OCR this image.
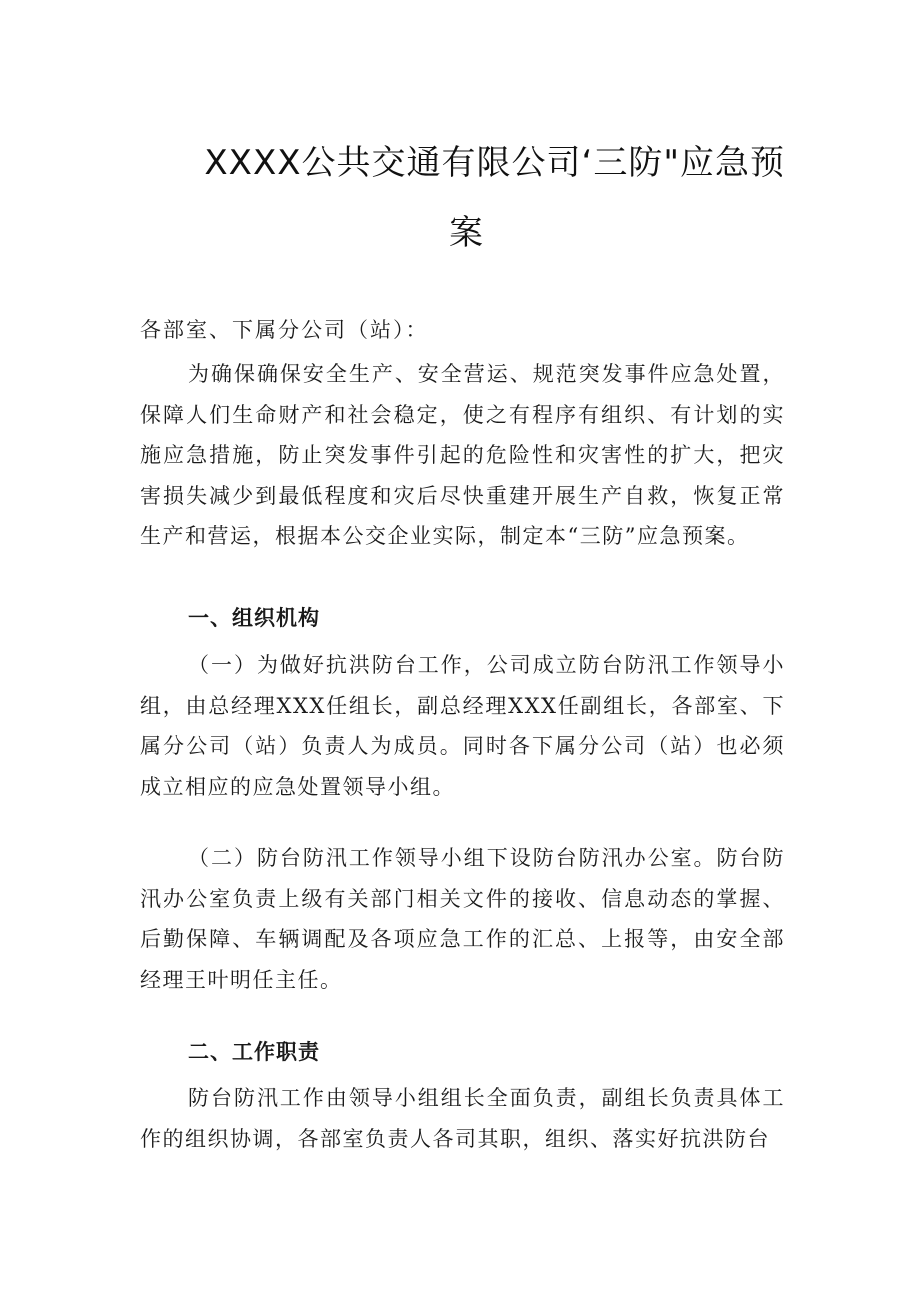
XXXX公共交通有限公司‘三防"应急预
案
各部室、下属分公司（站）：

为确保确保安全生产、安全营运、规范突发事件应急处置，保障人们生命财产和社会稳定，使之有程序有组织、有计划的实施应急措施，防止突发事件引起的危险性和灾害性的扩大，把灾害损失减少到最低程度和灾后尽快重建开展生产自救，恢复正常生产和营运，根据本公交企业实际，制定本“三防”应急预案。

一、组织机构

（一）为做好抗洪防台工作，公司成立防台防汛工作领导小组，由总经理XXX任组长，副总经理XXX任副组长，各部室、下属分公司（站）负责人为成员。同时各下属分公司（站）也必须成立相应的应急处置领导小组。

（二）防台防汛工作领导小组下设防台防汛办公室。防台防汛办公室负责上级有关部门相关文件的接收、信息动态的掌握、后勤保障、车辆调配及各项应急工作的汇总、上报等，由安全部经理王叶明任主任。

二、工作职责

防台防汛工作由领导小组组长全面负责，副组长负责具体工作的组织协调，各部室负责人各司其职，组织、落实好抗洪防台
